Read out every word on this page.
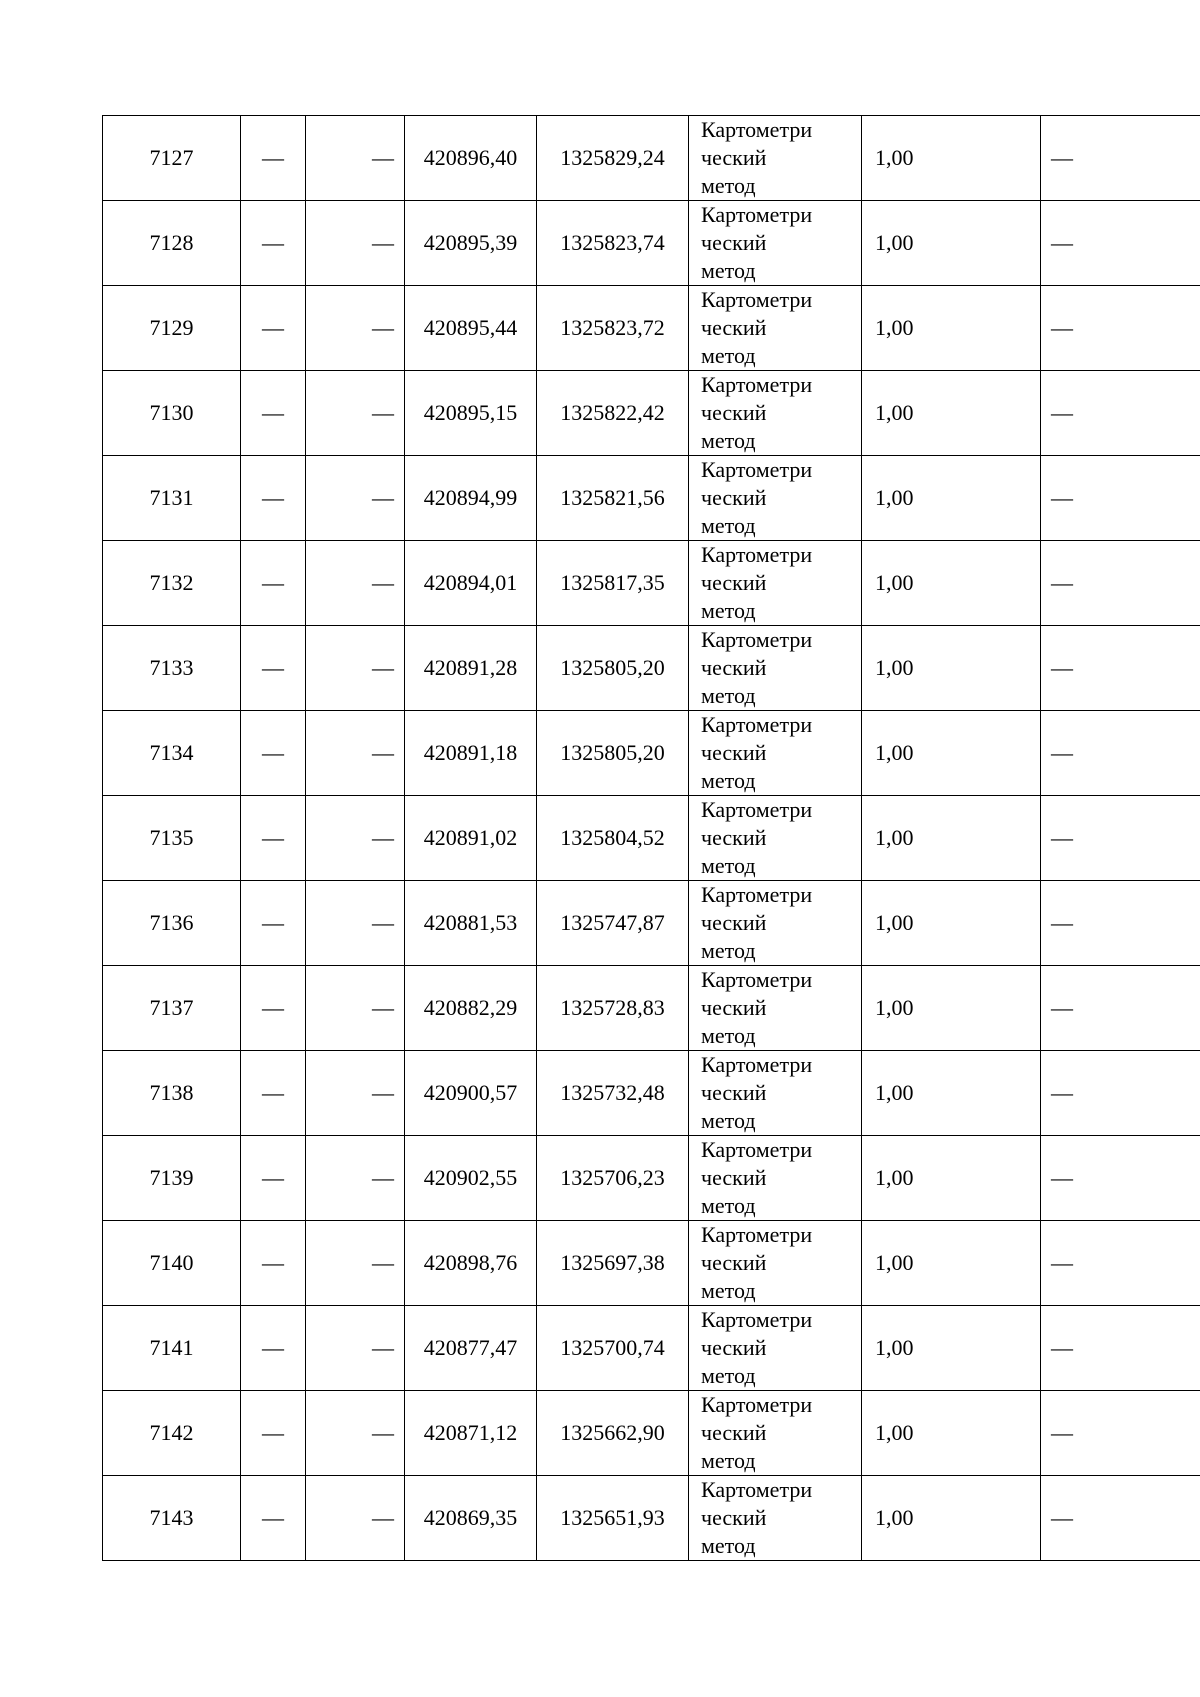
7127	—	—	420896,40	1325829,24	Картометри
ческий
метод	1,00	—
7128	—	—	420895,39	1325823,74	Картометри
ческий
метод	1,00	—
7129	—	—	420895,44	1325823,72	Картометри
ческий
метод	1,00	—
7130	—	—	420895,15	1325822,42	Картометри
ческий
метод	1,00	—
7131	—	—	420894,99	1325821,56	Картометри
ческий
метод	1,00	—
7132	—	—	420894,01	1325817,35	Картометри
ческий
метод	1,00	—
7133	—	—	420891,28	1325805,20	Картометри
ческий
метод	1,00	—
7134	—	—	420891,18	1325805,20	Картометри
ческий
метод	1,00	—
7135	—	—	420891,02	1325804,52	Картометри
ческий
метод	1,00	—
7136	—	—	420881,53	1325747,87	Картометри
ческий
метод	1,00	—
7137	—	—	420882,29	1325728,83	Картометри
ческий
метод	1,00	—
7138	—	—	420900,57	1325732,48	Картометри
ческий
метод	1,00	—
7139	—	—	420902,55	1325706,23	Картометри
ческий
метод	1,00	—
7140	—	—	420898,76	1325697,38	Картометри
ческий
метод	1,00	—
7141	—	—	420877,47	1325700,74	Картометри
ческий
метод	1,00	—
7142	—	—	420871,12	1325662,90	Картометри
ческий
метод	1,00	—
7143	—	—	420869,35	1325651,93	Картометри
ческий
метод	1,00	—
